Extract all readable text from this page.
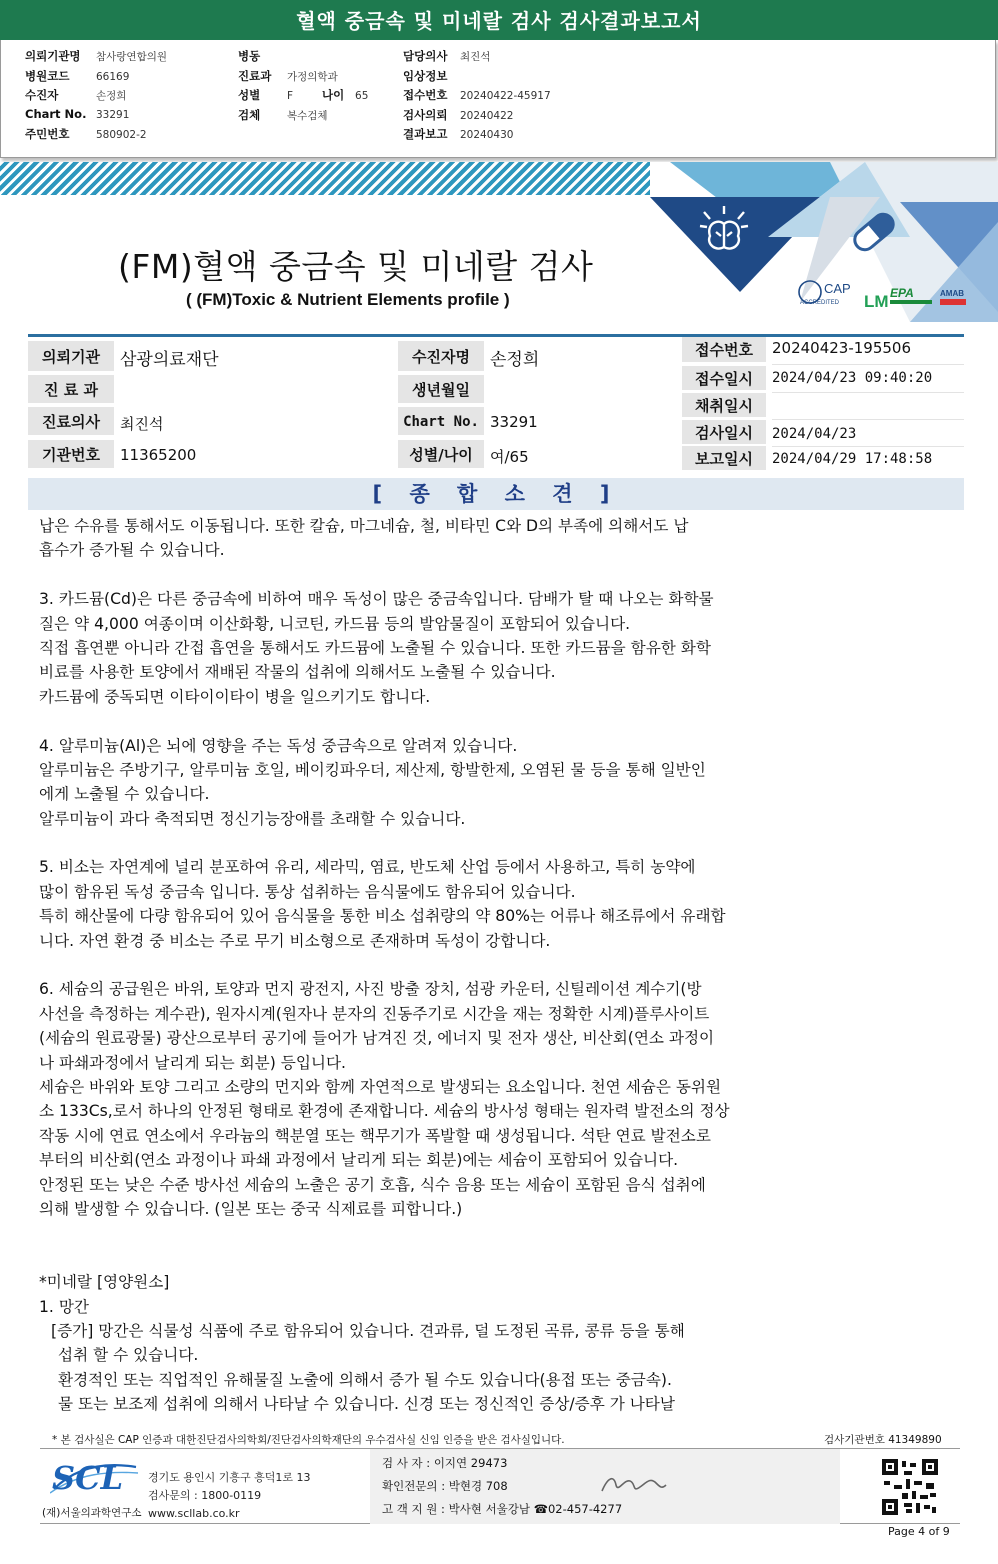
혈액 중금속 및 미네랄 검사 검사결과보고서
의뢰기관명 참사랑연합의원
병원코드	66169
수진자	손정희
Chart No. 33291
주민번호	580902-2
병동
진료과 가정의학과
성별	F	나이 65
검체	복수검체
담당의사 최진석
임상정보
접수번호 20240422-45917
검사의뢰 20240422
결과보고 20240430
CAP
ACCREDITED LM EPA	AMAB
(FM)혈액 중금속 및 미네랄 검사
( (FM)Toxic & Nutrient Elements profile )
의뢰기관	삼광의료재단
진 료 과
진료의사	최진석
기관번호	11365200
수진자명	손정희
생년월일
Chart No. 33291
성별/나이	여/65
접수번호	20240423-195506
접수일시	2024/04/23 09:40:20
채취일시
검사일시	2024/04/23
보고일시	2024/04/29 17:48:58
[ 종 합 소 견 ]

납은 수유를 통해서도 이동됩니다. 또한 칼슘, 마그네슘, 철, 비타민 C와 D의 부족에 의해서도 납

흡수가 증가될 수 있습니다.

3. 카드뮴(Cd)은 다른 중금속에 비하여 매우 독성이 많은 중금속입니다. 담배가 탈 때 나오는 화학물

질은 약 4,000 여종이며 이산화황, 니코틴, 카드뮴 등의 발암물질이 포함되어 있습니다.

직접 흡연뿐 아니라 간접 흡연을 통해서도 카드뮴에 노출될 수 있습니다. 또한 카드뮴을 함유한 화학

비료를 사용한 토양에서 재배된 작물의 섭취에 의해서도 노출될 수 있습니다.

카드뮴에 중독되면 이타이이타이 병을 일으키기도 합니다.

4. 알루미늄(Al)은 뇌에 영향을 주는 독성 중금속으로 알려져 있습니다.

알루미늄은 주방기구, 알루미늄 호일, 베이킹파우더, 제산제, 항발한제, 오염된 물 등을 통해 일반인

에게 노출될 수 있습니다.

알루미늄이 과다 축적되면 정신기능장애를 초래할 수 있습니다.

5. 비소는 자연계에 널리 분포하여 유리, 세라믹, 염료, 반도체 산업 등에서 사용하고, 특히 농약에

많이 함유된 독성 중금속 입니다. 통상 섭취하는 음식물에도 함유되어 있습니다.

특히 해산물에 다량 함유되어 있어 음식물을 통한 비소 섭취량의 약 80%는 어류나 해조류에서 유래합

니다. 자연 환경 중 비소는 주로 무기 비소형으로 존재하며 독성이 강합니다.

6. 세슘의 공급원은 바위, 토양과 먼지 광전지, 사진 방출 장치, 섬광 카운터, 신틸레이션 계수기(방

사선을 측정하는 계수관), 원자시계(원자나 분자의 진동주기로 시간을 재는 정확한 시계)플루사이트

(세슘의 원료광물) 광산으로부터 공기에 들어가 남겨진 것, 에너지 및 전자 생산, 비산회(연소 과정이

나 파쇄과정에서 날리게 되는 회분) 등입니다.

세슘은 바위와 토양 그리고 소량의 먼지와 함께 자연적으로 발생되는 요소입니다. 천연 세슘은 동위원

소 133Cs,로서 하나의 안정된 형태로 환경에 존재합니다. 세슘의 방사성 형태는 원자력 발전소의 정상

작동 시에 연료 연소에서 우라늄의 핵분열 또는 핵무기가 폭발할 때 생성됩니다. 석탄 연료 발전소로

부터의 비산회(연소 과정이나 파쇄 과정에서 날리게 되는 회분)에는 세슘이 포함되어 있습니다.

안정된 또는 낮은 수준 방사선 세슘의 노출은 공기 호흡, 식수 음용 또는 세슘이 포함된 음식 섭취에

의해 발생할 수 있습니다. (일본 또는 중국 식제료를 피합니다.)

*미네랄 [영양원소]

1. 망간

[증가] 망간은 식물성 식품에 주로 함유되어 있습니다. 견과류, 덜 도정된 곡류, 콩류 등을 통해

섭취 할 수 있습니다.

환경적인 또는 직업적인 유해물질 노출에 의해서 증가 될 수도 있습니다(용접 또는 중금속).

물 또는 보조제 섭취에 의해서 나타날 수 있습니다. 신경 또는 정신적인 증상/증후 가 나타날

* 본 검사실은 CAP 인증과 대한진단검사의학회/진단검사의학재단의 우수검사실 신임 인증을 받은 검사실입니다.	검사기관번호 41349890
SCL
(재)서울의과학연구소
경기도 용인시 기흥구 흥덕1로 13
검사문의 : 1800-0119
www.scllab.co.kr

검 사 자 : 이지연 29473

확인전문의 : 박현경 708

고 객 지 원 : 박사현 서울강남 ☎02-457-4277

Page 4 of 9
